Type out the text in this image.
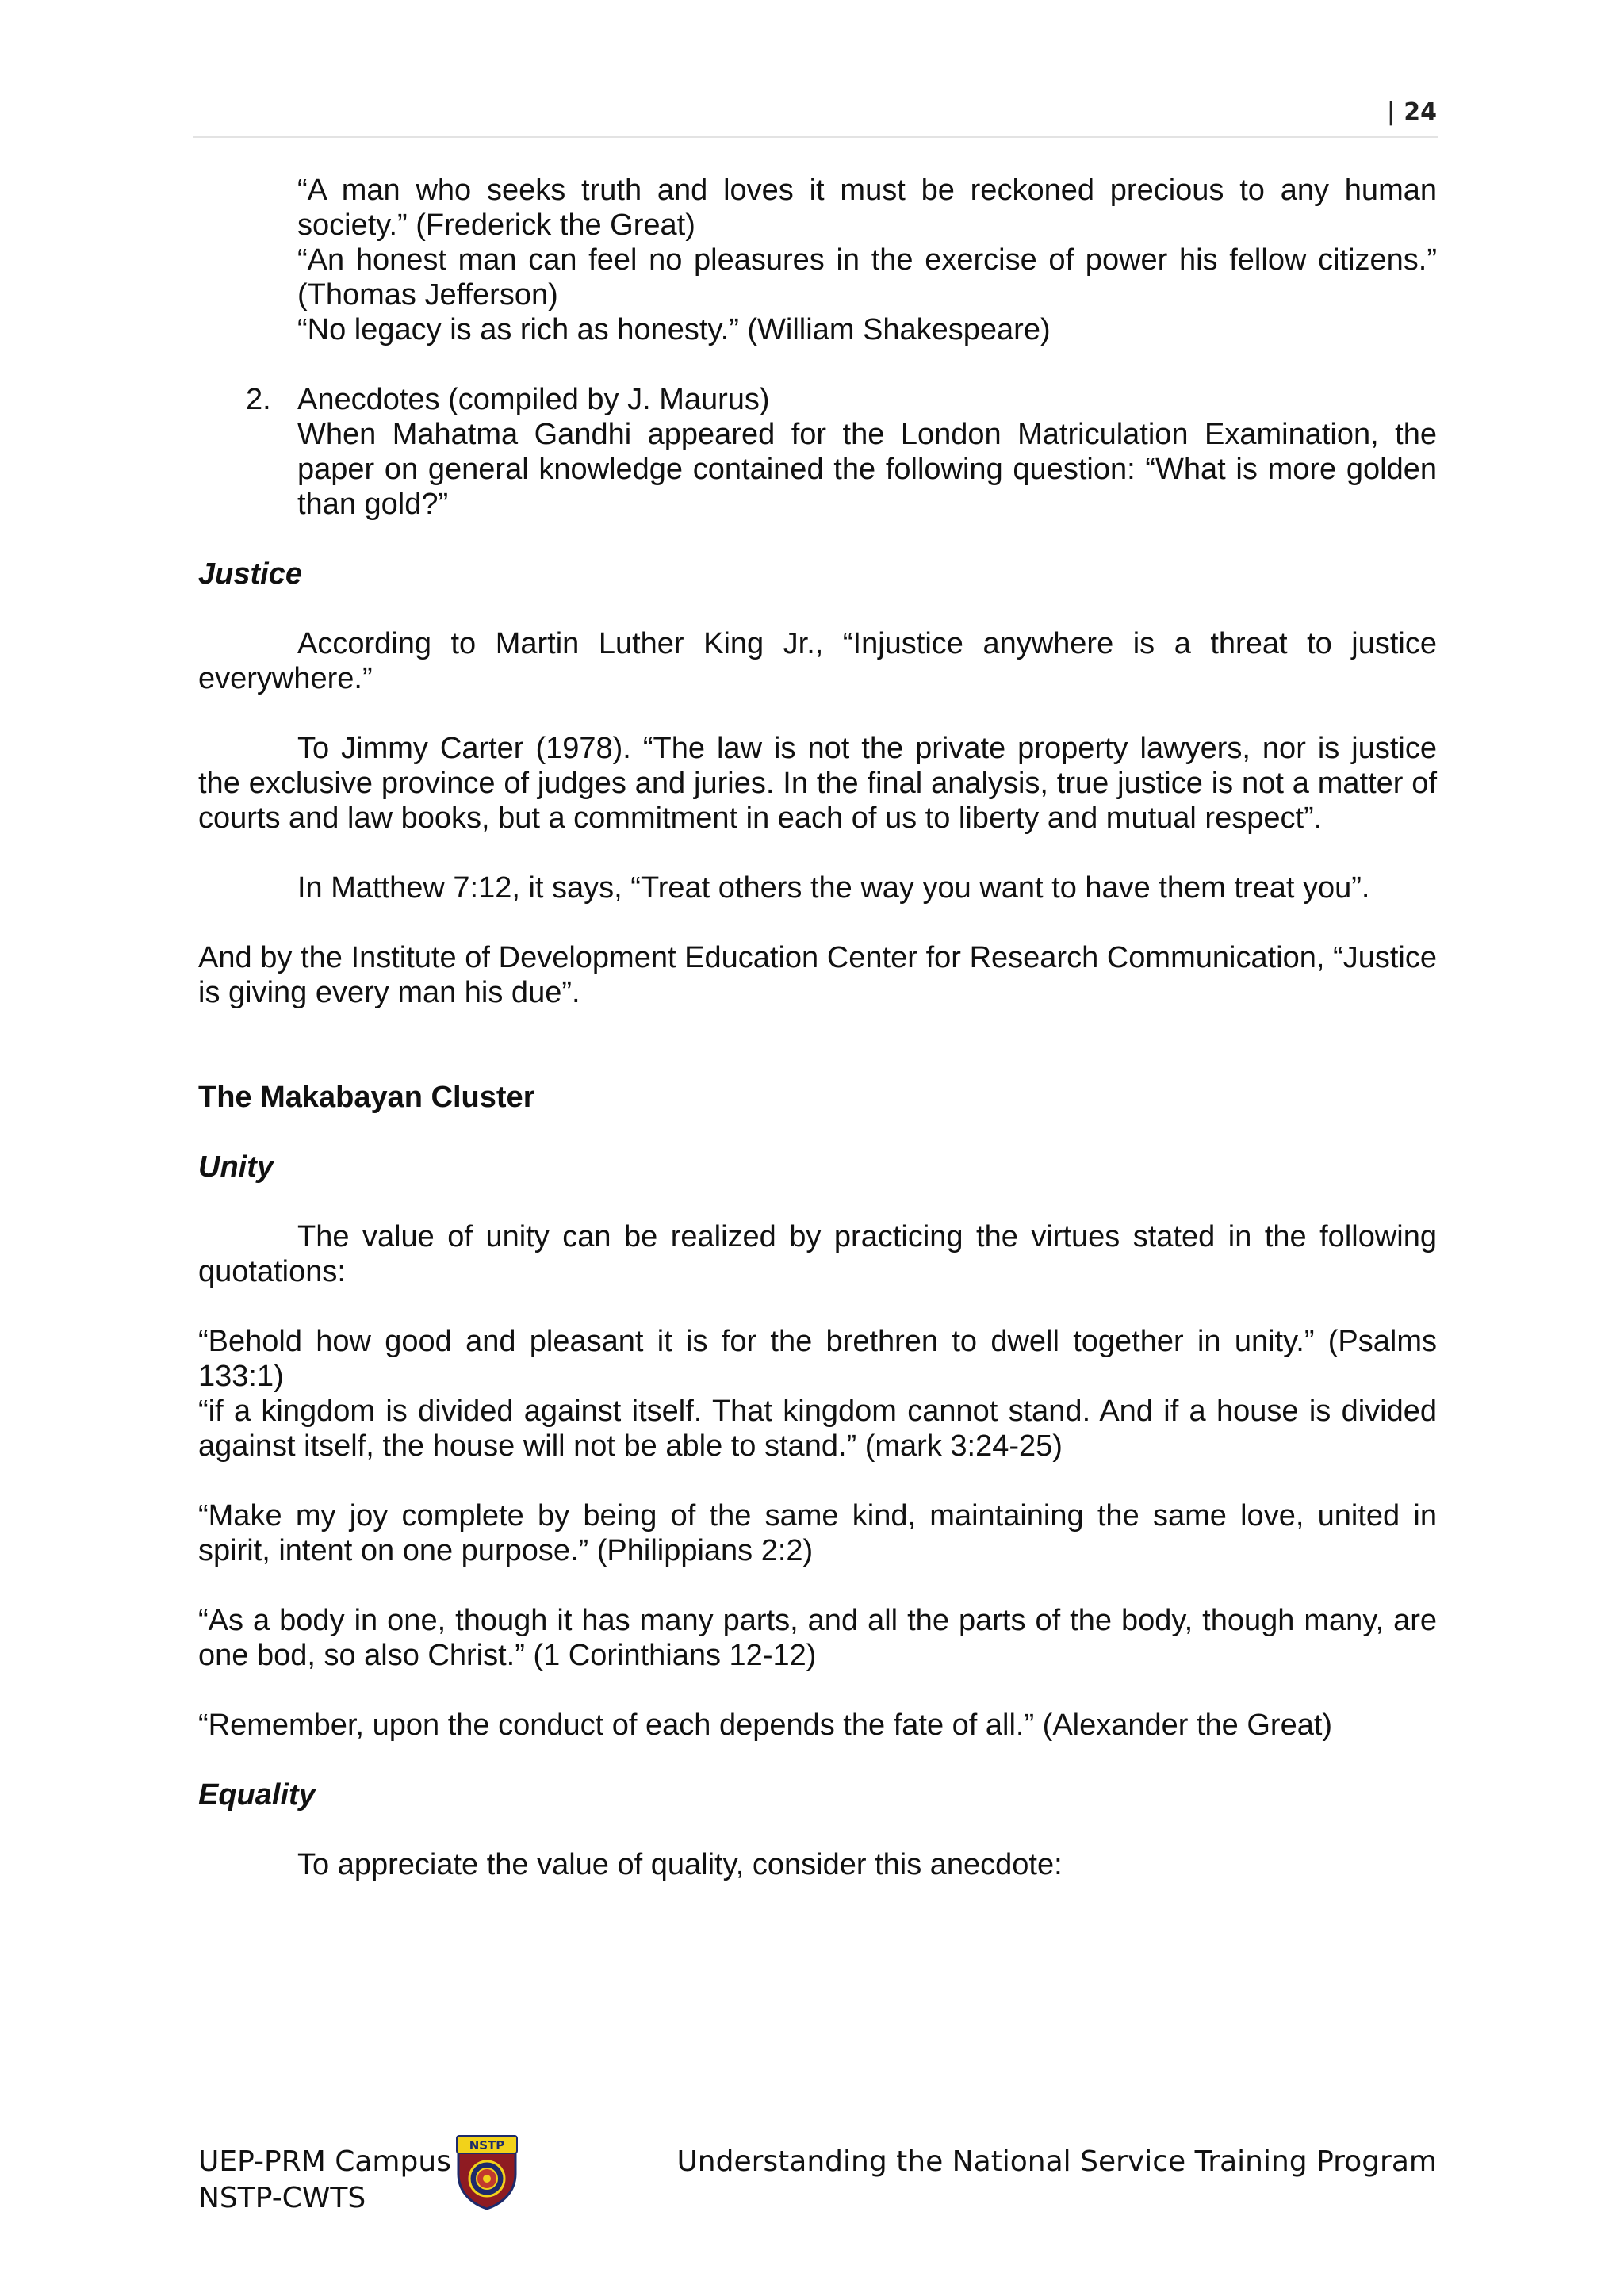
| 24

“A man who seeks truth and loves it must be reckoned precious to any human society.” (Frederick the Great)

“An honest man can feel no pleasures in the exercise of power his fellow citizens.” (Thomas Jefferson)

“No legacy is as rich as honesty.” (William Shakespeare)

2. Anecdotes (compiled by J. Maurus)

When Mahatma Gandhi appeared for the London Matriculation Examination, the paper on general knowledge contained the following question: “What is more golden than gold?”

Justice

According to Martin Luther King Jr., “Injustice anywhere is a threat to justice everywhere.”

To Jimmy Carter (1978). “The law is not the private property lawyers, nor is justice the exclusive province of judges and juries. In the final analysis, true justice is not a matter of courts and law books, but a commitment in each of us to liberty and mutual respect”.

In Matthew 7:12, it says, “Treat others the way you want to have them treat you”.

And by the Institute of Development Education Center for Research Communication, “Justice is giving every man his due”.

The Makabayan Cluster

Unity

The value of unity can be realized by practicing the virtues stated in the following quotations:

“Behold how good and pleasant it is for the brethren to dwell together in unity.” (Psalms 133:1)

“if a kingdom is divided against itself. That kingdom cannot stand. And if a house is divided against itself, the house will not be able to stand.” (mark 3:24-25)

“Make my joy complete by being of the same kind, maintaining the same love, united in spirit, intent on one purpose.” (Philippians 2:2)

“As a body in one, though it has many parts, and all the parts of the body, though many, are one bod, so also Christ.” (1 Corinthians 12-12)

“Remember, upon the conduct of each depends the fate of all.” (Alexander the Great)

Equality

To appreciate the value of quality, consider this anecdote:

UEP-PRM Campus
NSTP-CWTS
NSTP	Understanding the National Service Training Program
